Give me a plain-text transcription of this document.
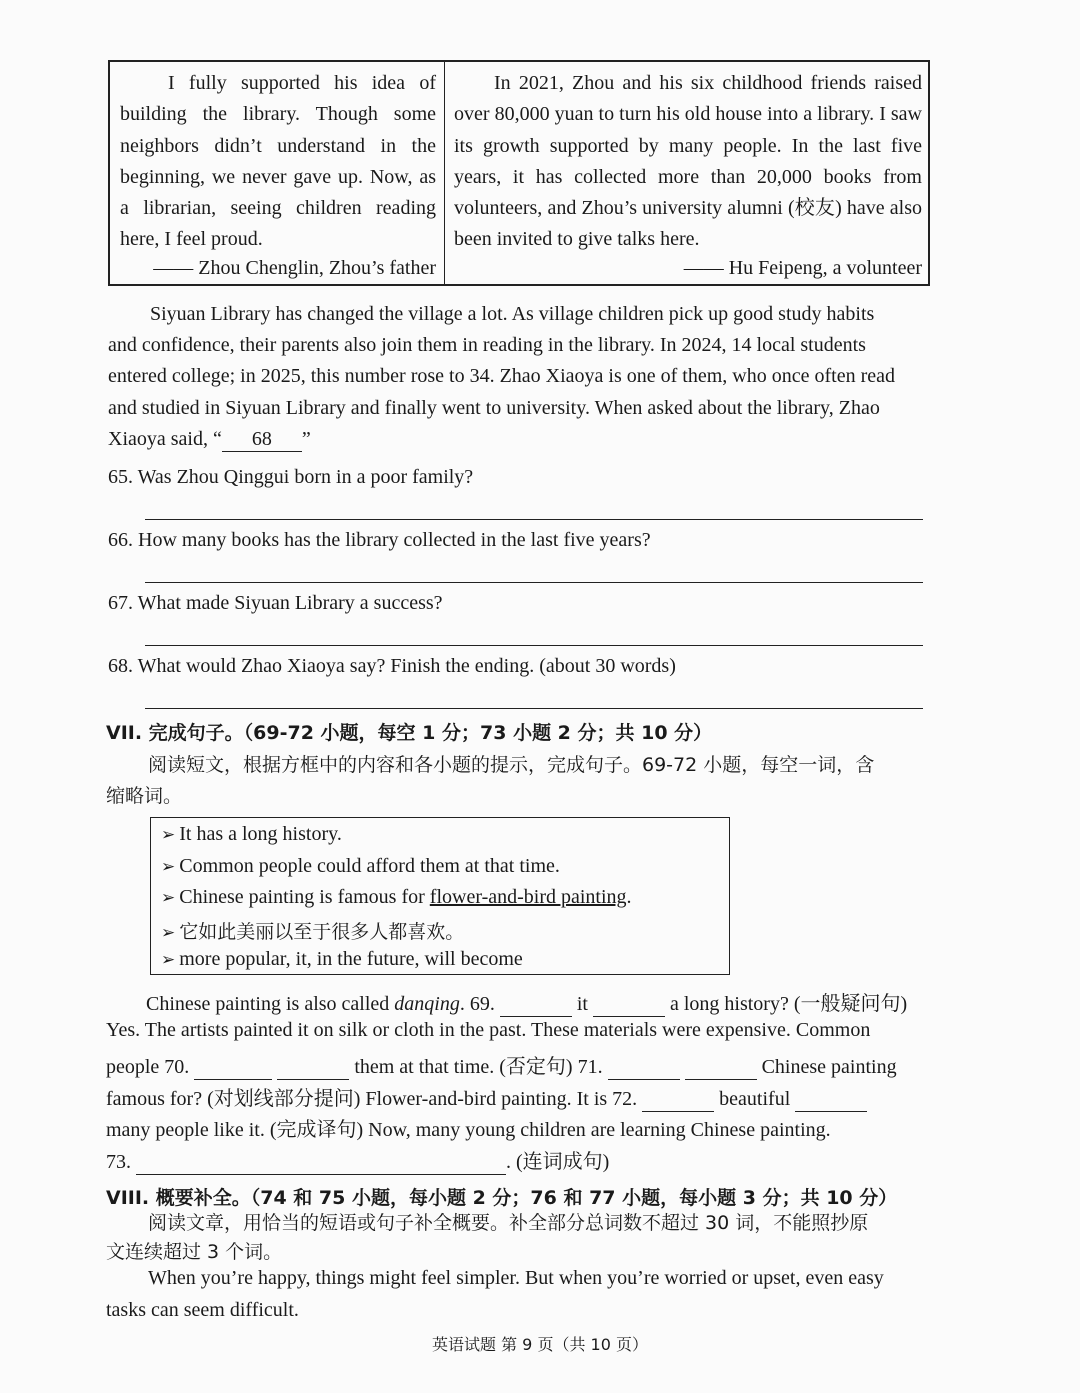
I fully supported his idea of building the library. Though some neighbors didn’t understand in the beginning, we never gave up. Now, as a librarian, seeing children reading here, I feel proud.
—— Zhou Chenglin, Zhou’s father
In 2021, Zhou and his six childhood friends raised over 80,000 yuan to turn his old house into a library. I saw its growth supported by many people. In the last five years, it has collected more than 20,000 books from volunteers, and Zhou’s university alumni (校友) have also been invited to give talks here.
—— Hu Feipeng, a volunteer
Siyuan Library has changed the village a lot. As village children pick up good study habits
and confidence, their parents also join them in reading in the library. In 2024, 14 local students
entered college; in 2025, this number rose to 34. Zhao Xiaoya is one of them, who once often read
and studied in Siyuan Library and finally went to university. When asked about the library, Zhao
Xiaoya said, “ 68 ”
65. Was Zhou Qinggui born in a poor family?
66. How many books has the library collected in the last five years?
67. What made Siyuan Library a success?
68. What would Zhao Xiaoya say? Finish the ending. (about 30 words)
VII. 完成句子。（69-72 小题，每空 1 分；73 小题 2 分；共 10 分）
阅读短文，根据方框中的内容和各小题的提示，完成句子。69-72 小题，每空一词，含
缩略词。
➢ It has a long history.
➢ Common people could afford them at that time.
➢ Chinese painting is famous for flower-and-bird painting.
➢ 它如此美丽以至于很多人都喜欢。
➢ more popular, it, in the future, will become
Chinese painting is also called danqing. 69.	it	a long history? (一般疑问句)
Yes. The artists painted it on silk or cloth in the past. These materials were expensive. Common
people 70.	them at that time. (否定句) 71.	Chinese painting
famous for? (对划线部分提问) Flower-and-bird painting. It is 72.	beautiful
many people like it. (完成译句) Now, many young children are learning Chinese painting.
73.	. (连词成句)
VIII. 概要补全。（74 和 75 小题，每小题 2 分；76 和 77 小题，每小题 3 分；共 10 分）
阅读文章，用恰当的短语或句子补全概要。补全部分总词数不超过 30 词，不能照抄原
文连续超过 3 个词。
When you’re happy, things might feel simpler. But when you’re worried or upset, even easy
tasks can seem difficult.
英语试题 第 9 页（共 10 页）
